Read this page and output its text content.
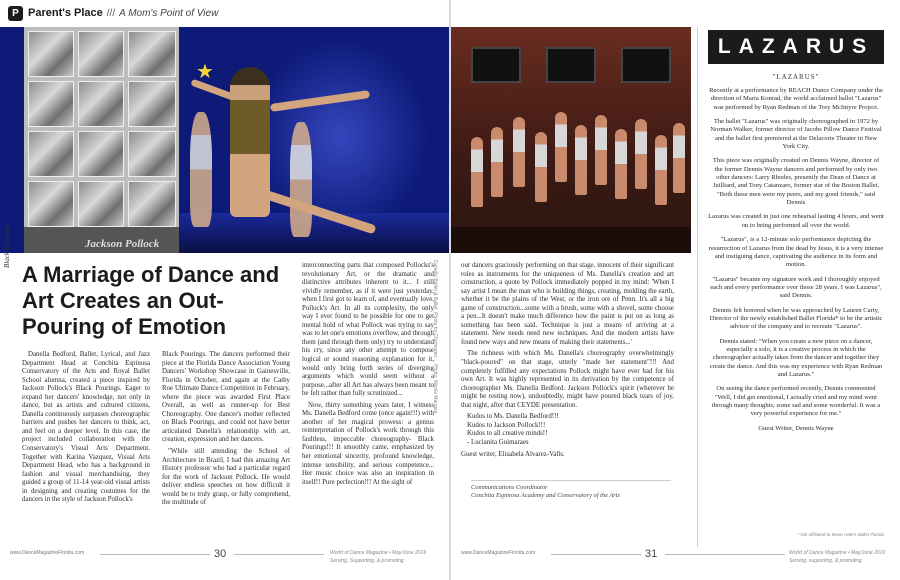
P Parent's Place /// A Mom's Point of View
★
Jackson Pollock
Black Pourings
A Marriage of Dance and Art Creates an Out-Pouring of Emotion

Danella Bedford, Ballet, Lyrical, and Jazz Department Head at Conchita Espinosa Conservatory of the Arts and Royal Ballet School alumna, created a piece inspired by Jackson Pollock's Black Pourings. Eager to expand her dancers' knowledge, not only in dance, but as artists and cultured citizens, Danella continuously surpasses choreographic barriers and pushes her dancers to think, act, and feel on a deeper level. In this case, the project included collaboration with the Conservatory's Visual Arts Department. Together with Karina Vazquez, Visual Arts Department Head, who has a background in fashion and visual merchandising, they guided a group of 11-14 year-old visual artists in designing and creating costumes for the dancers in the style of Jackson Pollock's

Black Pourings. The dancers performed their piece at the Florida Dance Association Young Dancers' Workshop Showcase in Gainesville, Florida in October, and again at the Cathy Roe Ultimate Dance Competition in February, where the piece was awarded First Place Overall, as well as runner-up for Best Choreography. One dancer's mother reflected on Black Pourings, and could not have better articulated Danella's relationship with art, creation, expression and her dancers.

"While still attending the School of Architecture in Brazil, I had this amazing Art History professor who had a particular regard for the work of Jackson Pollock. He would deliver endless speeches on how difficult it would be to truly grasp, or fully comprehend, the multitude of

interconnecting parts that composed Pollocks's revolutionary Art, or the dramatic and distinctive attributes inherent to it... I still vividly remember, as if it were just yesterday, when I first got to learn of, and eventually love, Pollock's Art. In all its complexity, the only way I ever found to be possible for one to get mental hold of what Pollock was trying to say was to let one's emotions overflow, and through them (and through them only) try to understand his cry, since any other attempt to compose logical or sound reasoning explanation for it, would only bring forth series of diverging arguments which would seem without a purpose...after all Art has always been meant to be felt rather than fully scrutinized...

Now, thirty something years later, I witness Ms. Danella Bedford come (once again!!!) with another of her magical prowess: a genius reinterpretation of Pollock's work through this faultless, impeccable choreography- Black Pourings!!! It smoothly came, emphasized by her emotional sincerity, profound knowledge, intense sensibility, and serious competence... Her music choice was also an inspiration in itself!! Pure perfection!!! At the sight of

Danella Ballet & Ballet. Photo by Chichester ... Photo: Nicola Mangan
www.DanceMagazineFlorida.com	30	World of Dance Magazine • May/June 2016
Serving, Supporting, & promoting

our dancers graciously performing on that stage, innocent of their significant roles as instruments for the uniqueness of Ms. Danella's creation and art construction, a quote by Pollock immediately popped in my mind: 'When I say artist I mean the man who is building things, creating, molding the earth, whether it be the plains of the West, or the iron ore of Penn. It's all a big game of construction...some with a brush, some with a shovel, some choose a pen...It doesn't make much difference how the paint is put on as long as something has been said. Technique is just a means of arriving at a statement. New needs need new techniques. And the modern artists have found new ways and new means of making their statements...'

The richness with which Ms. Danella's choreography overwhelmingly "black-poured" on that stage, utterly "made her statement"!!! And completely fulfilled any expectations Pollock might have ever had for his own Art. It was highly represented in its derivation by the competence of choreographer Ms. Danella Bedford. Jackson Pollock's spirit (wherever he might be resting now), undoubtedly, might have poured black tears of joy, that night, after that CEYDE presentation.

Kudos to Ms. Danella Bedford!!!

Kudos to Jackson Pollock!!!

Kudos to all creative minds!!

- Lucianita Guimaraes

Guest writer, Elisabela Alvarez-Valls.

Communications Coordinator
Conchita Espinosa Academy and Conservatory of the Arts
LAZARUS
"LAZARUS"

Recently at a performance by REACH Dance Company under the direction of Maria Konrad, the world acclaimed ballet "Lazarus" was performed by Ryan Redman of the Trey McIntyre Project.

The ballet "Lazarus" was originally choreographed in 1972 by Norman Walker, former director of Jacobs Pillow Dance Festival and the ballet first premiered at the Delacorte Theater in New York City.

This piece was originally created on Dennis Wayne, director of the former Dennis Wayne dancers and performed by only two other dancers: Larry Rhodes, presently the Dean of Dance at Juilliard, and Tony Catanzaro, former star of the Boston Ballet. "Both these men were my peers, and my good friends," said Dennis

Lazarus was created in just one rehearsal lasting 4 hours, and went on to being performed all over the world.

"Lazarus", is a 12-minute solo performance depicting the resurrection of Lazarus from the dead by Jesus, it is a very intense and instiguing dance, captivating the audience in its form and motion.

"Lazarus" became my signature work and I thoroughly enjoyed each and every performance over those 28 years. I was Lazarus", said Dennis.

Dennis felt honored when he was approached by Lauren Carty, Director of the newly established Ballet Florida* to be the artistic advisor of the company and to recreate "Lazarus".

Dennis stated: "When you create a new piece on a dancer, especially a solo, it is a creative process in which the choreographer actually takes from the dancer and together they create the dance. And this was my experience with Ryan Redman and Lazarus."

On seeing the dance performed recently, Dennis commented "Well, I did get emotional, I actually cried and my mind went through many thoughts; some sad and some wonderful. It was a very powerful experience for me."

Guest Writer, Dennis Wayne

* Not affiliated to Marie Hale's Ballet Florida
www.DanceMagazineFlorida.com	31	World of Dance Magazine • May/June 2016
Serving, supporting, & promoting
